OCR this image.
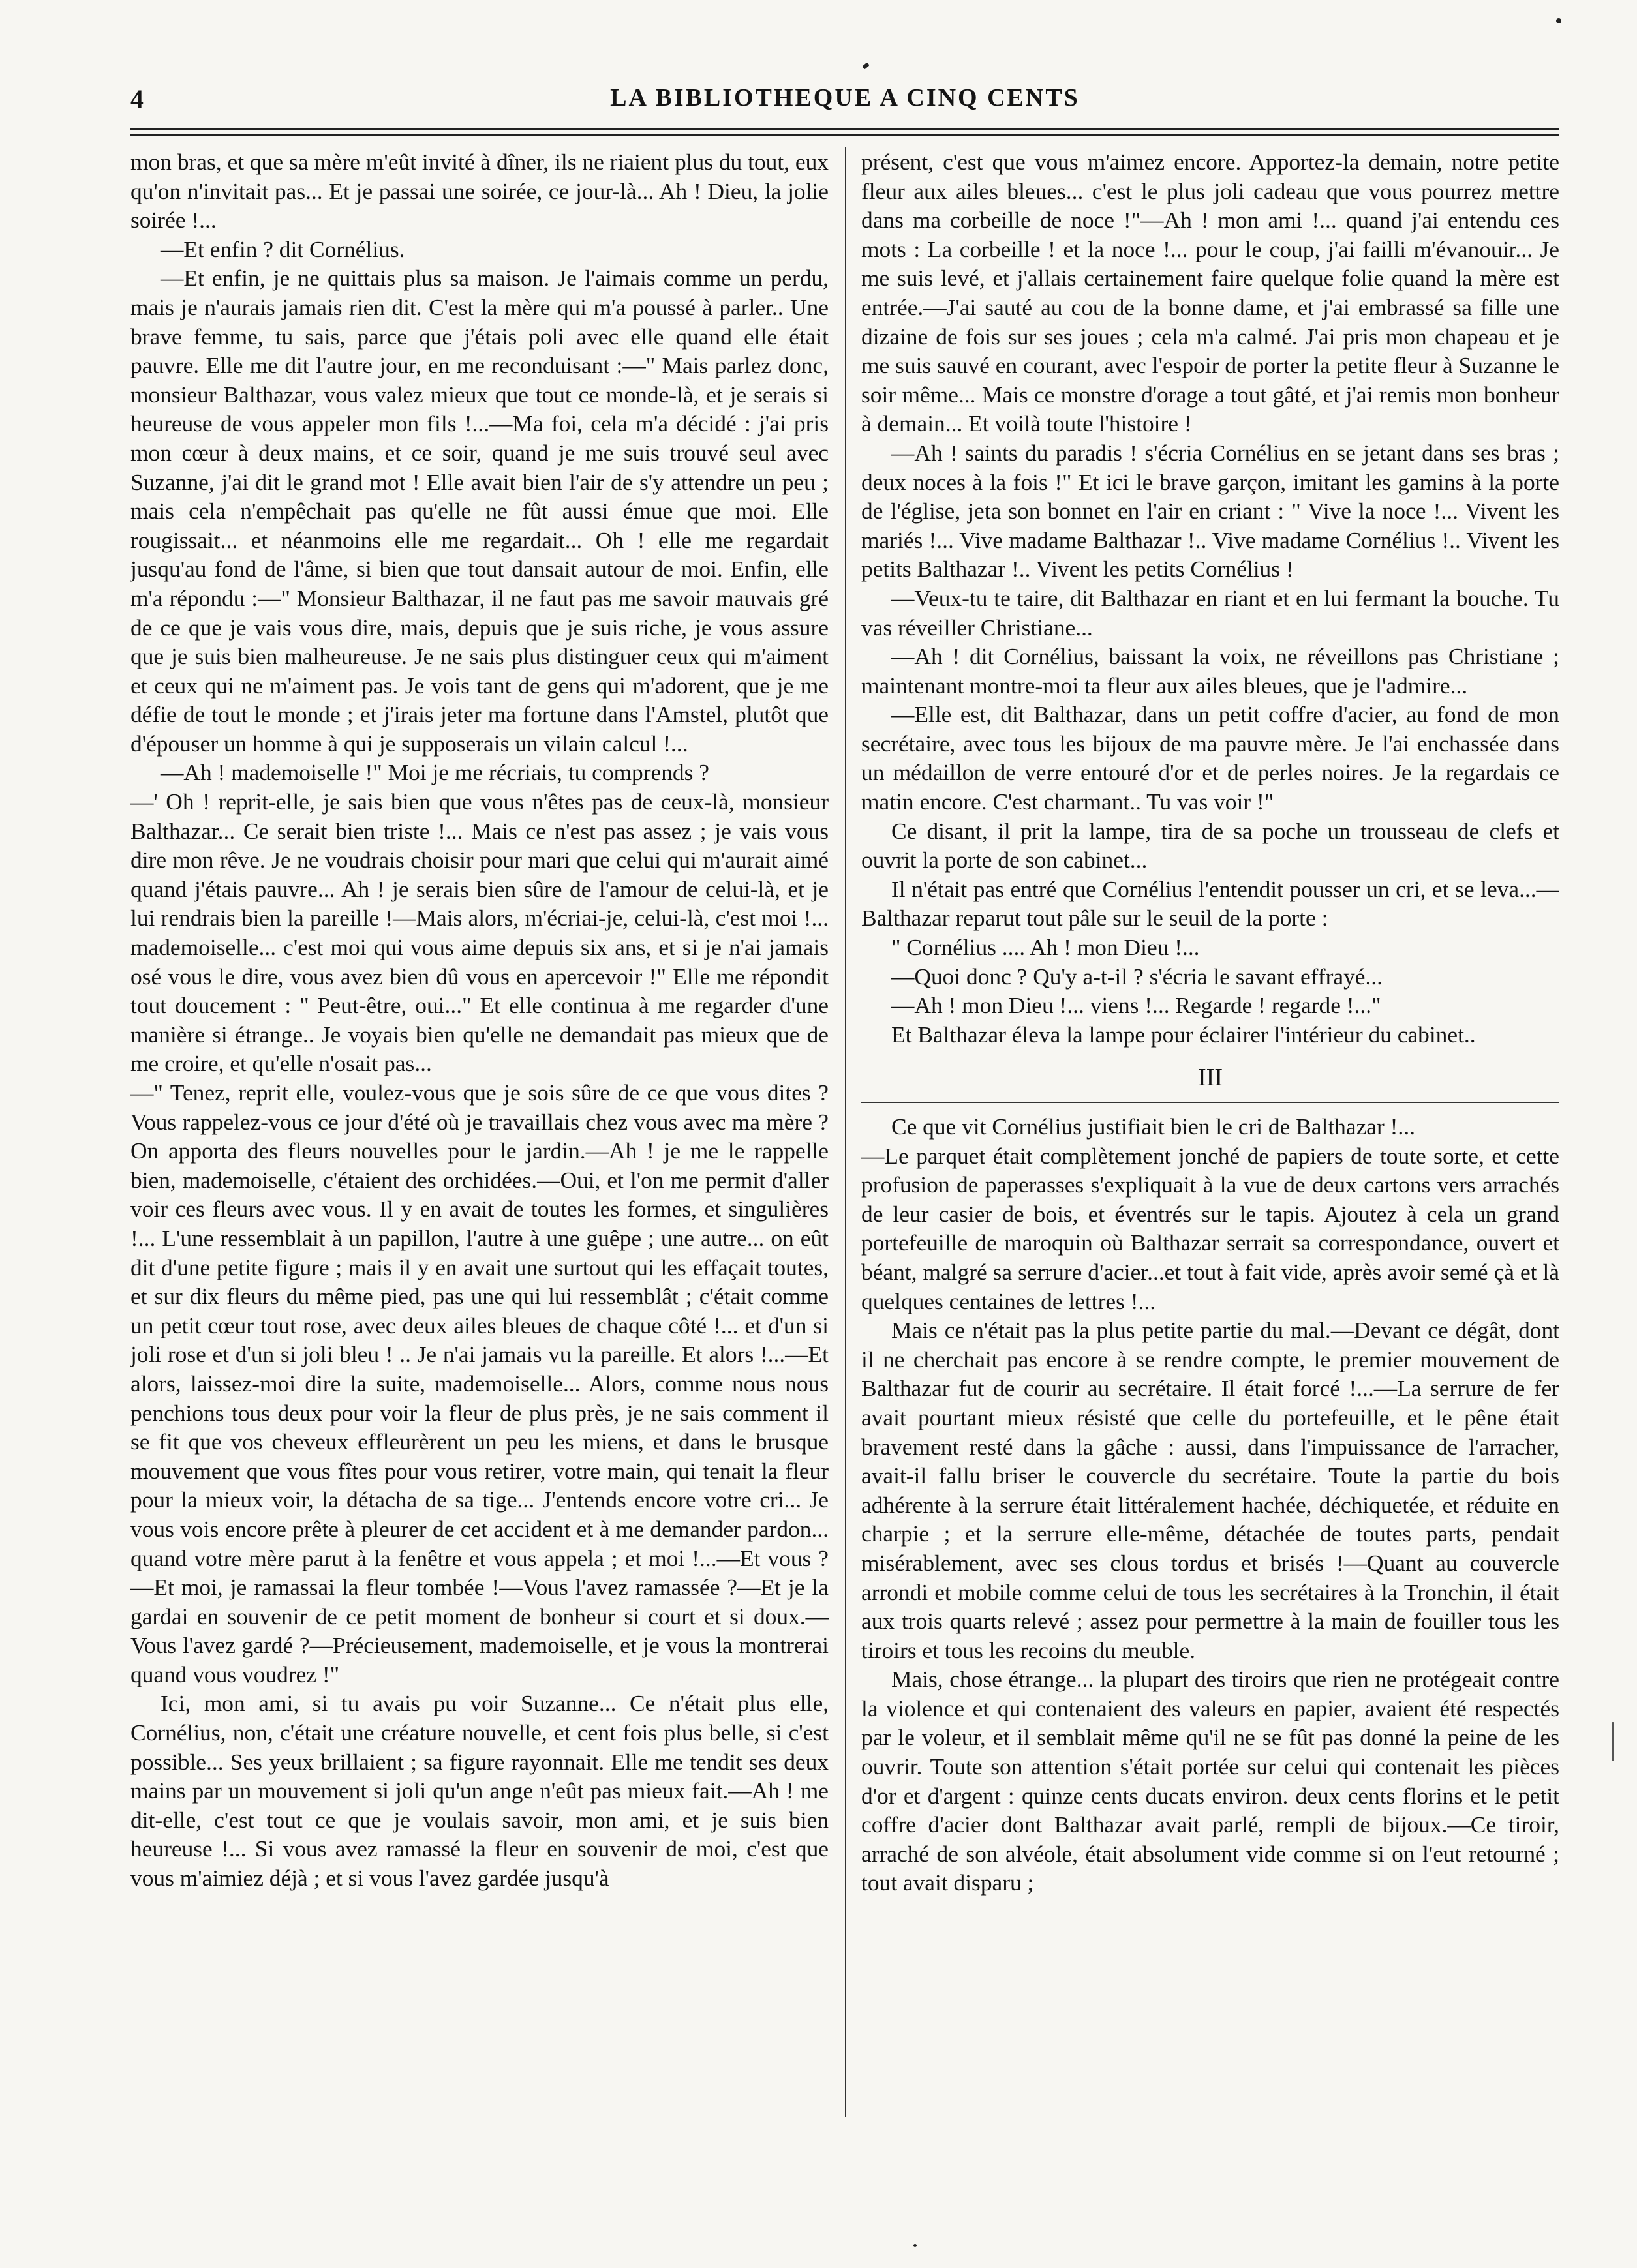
4	LA BIBLIOTHEQUE A CINQ CENTS

mon bras, et que sa mère m'eût invité à dîner, ils ne riaient plus du tout, eux qu'on n'invitait pas... Et je passai une soirée, ce jour-là... Ah ! Dieu, la jolie soirée !...

—Et enfin ? dit Cornélius.

—Et enfin, je ne quittais plus sa maison. Je l'aimais comme un perdu, mais je n'aurais jamais rien dit. C'est la mère qui m'a poussé à parler.. Une brave femme, tu sais, parce que j'étais poli avec elle quand elle était pauvre. Elle me dit l'autre jour, en me reconduisant :—" Mais parlez donc, monsieur Balthazar, vous valez mieux que tout ce monde-là, et je serais si heureuse de vous appeler mon fils !...—Ma foi, cela m'a décidé : j'ai pris mon cœur à deux mains, et ce soir, quand je me suis trouvé seul avec Suzanne, j'ai dit le grand mot ! Elle avait bien l'air de s'y attendre un peu ; mais cela n'empêchait pas qu'elle ne fût aussi émue que moi. Elle rougissait... et néanmoins elle me regardait... Oh ! elle me regardait jusqu'au fond de l'âme, si bien que tout dansait autour de moi. Enfin, elle m'a répondu :—" Monsieur Balthazar, il ne faut pas me savoir mauvais gré de ce que je vais vous dire, mais, depuis que je suis riche, je vous assure que je suis bien malheureuse. Je ne sais plus distinguer ceux qui m'aiment et ceux qui ne m'aiment pas. Je vois tant de gens qui m'adorent, que je me défie de tout le monde ; et j'irais jeter ma fortune dans l'Amstel, plutôt que d'épouser un homme à qui je supposerais un vilain calcul !...

—Ah ! mademoiselle !" Moi je me récriais, tu comprends ?

—' Oh ! reprit-elle, je sais bien que vous n'êtes pas de ceux-là, monsieur Balthazar... Ce serait bien triste !... Mais ce n'est pas assez ; je vais vous dire mon rêve. Je ne voudrais choisir pour mari que celui qui m'aurait aimé quand j'étais pauvre... Ah ! je serais bien sûre de l'amour de celui-là, et je lui rendrais bien la pareille !—Mais alors, m'écriai-je, celui-là, c'est moi !... mademoiselle... c'est moi qui vous aime depuis six ans, et si je n'ai jamais osé vous le dire, vous avez bien dû vous en apercevoir !" Elle me répondit tout doucement : " Peut-être, oui..." Et elle continua à me regarder d'une manière si étrange.. Je voyais bien qu'elle ne demandait pas mieux que de me croire, et qu'elle n'osait pas...

—" Tenez, reprit elle, voulez-vous que je sois sûre de ce que vous dites ? Vous rappelez-vous ce jour d'été où je travaillais chez vous avec ma mère ? On apporta des fleurs nouvelles pour le jardin.—Ah ! je me le rappelle bien, mademoiselle, c'étaient des orchidées.—Oui, et l'on me permit d'aller voir ces fleurs avec vous. Il y en avait de toutes les formes, et singulières !... L'une ressemblait à un papillon, l'autre à une guêpe ; une autre... on eût dit d'une petite figure ; mais il y en avait une surtout qui les effaçait toutes, et sur dix fleurs du même pied, pas une qui lui ressemblât ; c'était comme un petit cœur tout rose, avec deux ailes bleues de chaque côté !... et d'un si joli rose et d'un si joli bleu ! .. Je n'ai jamais vu la pareille. Et alors !...—Et alors, laissez-moi dire la suite, mademoiselle... Alors, comme nous nous penchions tous deux pour voir la fleur de plus près, je ne sais comment il se fit que vos cheveux effleurèrent un peu les miens, et dans le brusque mouvement que vous fîtes pour vous retirer, votre main, qui tenait la fleur pour la mieux voir, la détacha de sa tige... J'entends encore votre cri... Je vous vois encore prête à pleurer de cet accident et à me demander pardon... quand votre mère parut à la fenêtre et vous appela ; et moi !...—Et vous ?—Et moi, je ramassai la fleur tombée !—Vous l'avez ramassée ?—Et je la gardai en souvenir de ce petit moment de bonheur si court et si doux.—Vous l'avez gardé ?—Précieusement, mademoiselle, et je vous la montrerai quand vous voudrez !"

Ici, mon ami, si tu avais pu voir Suzanne... Ce n'était plus elle, Cornélius, non, c'était une créature nouvelle, et cent fois plus belle, si c'est possible... Ses yeux brillaient ; sa figure rayonnait. Elle me tendit ses deux mains par un mouvement si joli qu'un ange n'eût pas mieux fait.—Ah ! me dit-elle, c'est tout ce que je voulais savoir, mon ami, et je suis bien heureuse !... Si vous avez ramassé la fleur en souvenir de moi, c'est que vous m'aimiez déjà ; et si vous l'avez gardée jusqu'à

présent, c'est que vous m'aimez encore. Apportez-la demain, notre petite fleur aux ailes bleues... c'est le plus joli cadeau que vous pourrez mettre dans ma corbeille de noce !"—Ah ! mon ami !... quand j'ai entendu ces mots : La corbeille ! et la noce !... pour le coup, j'ai failli m'évanouir... Je me suis levé, et j'allais certainement faire quelque folie quand la mère est entrée.—J'ai sauté au cou de la bonne dame, et j'ai embrassé sa fille une dizaine de fois sur ses joues ; cela m'a calmé. J'ai pris mon chapeau et je me suis sauvé en courant, avec l'espoir de porter la petite fleur à Suzanne le soir même... Mais ce monstre d'orage a tout gâté, et j'ai remis mon bonheur à demain... Et voilà toute l'histoire !

—Ah ! saints du paradis ! s'écria Cornélius en se jetant dans ses bras ; deux noces à la fois !" Et ici le brave garçon, imitant les gamins à la porte de l'église, jeta son bonnet en l'air en criant : " Vive la noce !... Vivent les mariés !... Vive madame Balthazar !.. Vive madame Cornélius !.. Vivent les petits Balthazar !.. Vivent les petits Cornélius !

—Veux-tu te taire, dit Balthazar en riant et en lui fermant la bouche. Tu vas réveiller Christiane...

—Ah ! dit Cornélius, baissant la voix, ne réveillons pas Christiane ; maintenant montre-moi ta fleur aux ailes bleues, que je l'admire...

—Elle est, dit Balthazar, dans un petit coffre d'acier, au fond de mon secrétaire, avec tous les bijoux de ma pauvre mère. Je l'ai enchassée dans un médaillon de verre entouré d'or et de perles noires. Je la regardais ce matin encore. C'est charmant.. Tu vas voir !"

Ce disant, il prit la lampe, tira de sa poche un trousseau de clefs et ouvrit la porte de son cabinet...

Il n'était pas entré que Cornélius l'entendit pousser un cri, et se leva...—Balthazar reparut tout pâle sur le seuil de la porte :

" Cornélius .... Ah ! mon Dieu !...

—Quoi donc ? Qu'y a-t-il ? s'écria le savant effrayé...

—Ah ! mon Dieu !... viens !... Regarde ! regarde !..."

Et Balthazar éleva la lampe pour éclairer l'intérieur du cabinet..

III

Ce que vit Cornélius justifiait bien le cri de Balthazar !...

—Le parquet était complètement jonché de papiers de toute sorte, et cette profusion de paperasses s'expliquait à la vue de deux cartons vers arrachés de leur casier de bois, et éventrés sur le tapis. Ajoutez à cela un grand portefeuille de maroquin où Balthazar serrait sa correspondance, ouvert et béant, malgré sa serrure d'acier...et tout à fait vide, après avoir semé çà et là quelques centaines de lettres !...

Mais ce n'était pas la plus petite partie du mal.—Devant ce dégât, dont il ne cherchait pas encore à se rendre compte, le premier mouvement de Balthazar fut de courir au secrétaire. Il était forcé !...—La serrure de fer avait pourtant mieux résisté que celle du portefeuille, et le pêne était bravement resté dans la gâche : aussi, dans l'impuissance de l'arracher, avait-il fallu briser le couvercle du secrétaire. Toute la partie du bois adhérente à la serrure était littéralement hachée, déchiquetée, et réduite en charpie ; et la serrure elle-même, détachée de toutes parts, pendait misérablement, avec ses clous tordus et brisés !—Quant au couvercle arrondi et mobile comme celui de tous les secrétaires à la Tronchin, il était aux trois quarts relevé ; assez pour permettre à la main de fouiller tous les tiroirs et tous les recoins du meuble.

Mais, chose étrange... la plupart des tiroirs que rien ne protégeait contre la violence et qui contenaient des valeurs en papier, avaient été respectés par le voleur, et il semblait même qu'il ne se fût pas donné la peine de les ouvrir. Toute son attention s'était portée sur celui qui contenait les pièces d'or et d'argent : quinze cents ducats environ. deux cents florins et le petit coffre d'acier dont Balthazar avait parlé, rempli de bijoux.—Ce tiroir, arraché de son alvéole, était absolument vide comme si on l'eut retourné ; tout avait disparu ;
